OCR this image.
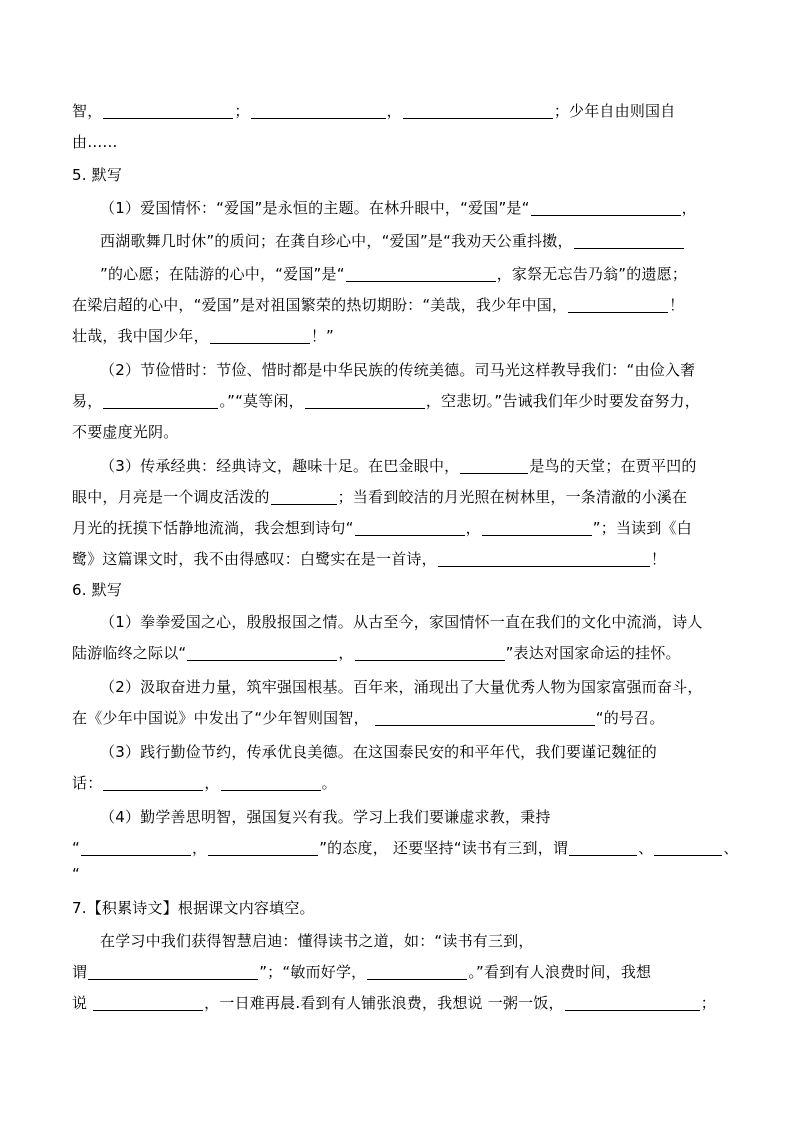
智，	；	，	；少年自由则国自
由……
5. 默写
（1）爱国情怀：“爱国”是永恒的主题。在林升眼中，“爱国”是“	，
西湖歌舞几时休”的质问；在龚自珍心中，“爱国”是“我劝天公重抖擞，
”的心愿；在陆游的心中，“爱国”是“	，家祭无忘告乃翁”的遗愿；
在梁启超的心中，“爱国”是对祖国繁荣的热切期盼：“美哉，我少年中国，	！
壮哉，我中国少年，	！”
（2）节俭惜时：节俭、惜时都是中华民族的传统美德。司马光这样教导我们：“由俭入奢
易，	。”“莫等闲，	，空悲切。”告诫我们年少时要发奋努力，
不要虚度光阴。
（3）传承经典：经典诗文，趣味十足。在巴金眼中，	是鸟的天堂；在贾平凹的
眼中，月亮是一个调皮活泼的	；当看到皎洁的月光照在树林里，一条清澈的小溪在
月光的抚摸下恬静地流淌，我会想到诗句“	，	”；当读到《白
鹭》这篇课文时，我不由得感叹：白鹭实在是一首诗，	！
6. 默写
（1）拳拳爱国之心，殷殷报国之情。从古至今，家国情怀一直在我们的文化中流淌，诗人
陆游临终之际以“	，	”表达对国家命运的挂怀。
（2）汲取奋进力量，筑牢强国根基。百年来，涌现出了大量优秀人物为国家富强而奋斗，
在《少年中国说》中发出了“少年智则国智，	“的号召。
（3）践行勤俭节约，传承优良美德。在这国泰民安的和平年代，我们要谨记魏征的
话：	，	。
（4）勤学善思明智，强国复兴有我。学习上我们要谦虚求教，秉持
“	，	”的态度， 还要坚持“读书有三到，谓	、	、
“
7.【积累诗文】根据课文内容填空。
在学习中我们获得智慧启迪：懂得读书之道，如：“读书有三到，
谓	”；“敏而好学，	。”看到有人浪费时间，我想
说	，一日难再晨.看到有人铺张浪费，我想说 一粥一饭，	；
